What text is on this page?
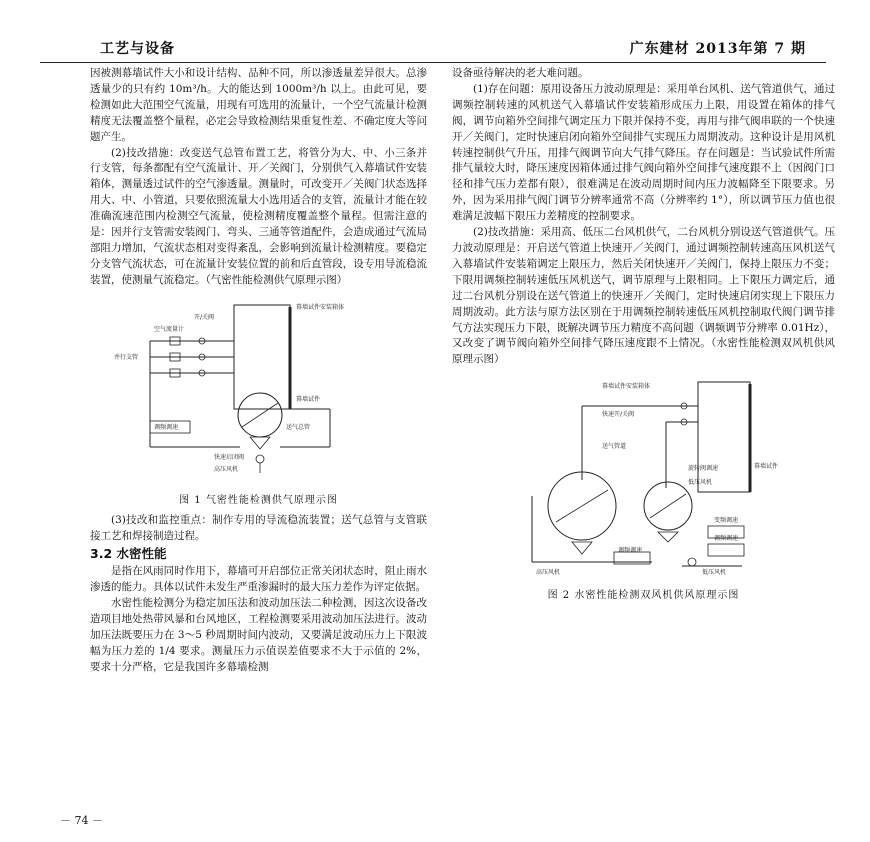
工艺与设备	广东建材 2013年第 7 期

因被测幕墙试件大小和设计结构、品种不同，所以渗透量差异很大。总渗透量少的只有约 10m³/h。大的能达到 1000m³/h 以上。由此可见，要检测如此大范围空气流量，用现有可选用的流量计，一个空气流量计检测精度无法覆盖整个量程，必定会导致检测结果重复性差、不确定度大等问题产生。

(2)技改措施：改变送气总管布置工艺，将管分为大、中、小三条并行支管，每条都配有空气流量计、开／关阀门，分别供气入幕墙试件安装箱体，测量透过试件的空气渗透量。测量时，可改变开／关阀门状态选择用大、中、小管道，只要依照流量大小选用适合的支管，流量计才能在较准确流速范围内检测空气流量，使检测精度覆盖整个量程。但需注意的是：因并行支管需安装阀门、弯头、三通等管道配件，会造成通过气流局部阻力增加，气流状态相对变得紊乱，会影响到流量计检测精度。要稳定分支管气流状态，可在流量计安装位置的前和后直管段，设专用导流稳流装置，使测量气流稳定。（气密性能检测供气原理示图）

开/关阀
空气流量计
并行支管
幕墙试件安装箱体
幕墙试件
送气总管
调频调速
快速启闭阀
高压风机

图 1 气密性能检测供气原理示图

(3)技改和监控重点：制作专用的导流稳流装置；送气总管与支管联接工艺和焊接制造过程。

3.2 水密性能

是指在风雨同时作用下，幕墙可开启部位正常关闭状态时，阻止雨水渗透的能力。具体以试件未发生严重渗漏时的最大压力差作为评定依据。

水密性能检测分为稳定加压法和波动加压法二种检测，因这次设备改造项目地处热带风暴和台风地区，工程检测要采用波动加压法进行。波动加压法既要压力在 3～5 秒周期时间内波动，又要满足波动压力上下限波幅为压力差的 1/4 要求。测量压力示值误差值要求不大于示值的 2%，要求十分严格，它是我国许多幕墙检测

设备亟待解决的老大难问题。

(1)存在问题：原用设备压力波动原理是：采用单台风机、送气管道供气，通过调频控制转速的风机送气入幕墙试件安装箱形成压力上限，用设置在箱体的排气阀，调节向箱外空间排气调定压力下限并保持不变，再用与排气阀串联的一个快速开／关阀门，定时快速启闭向箱外空间排气实现压力周期波动。这种设计是用风机转速控制供气升压，用排气阀调节向大气排气降压。存在问题是：当试验试件所需排气量较大时，降压速度因箱体通过排气阀向箱外空间排气速度跟不上（因阀门口径和排气压力差都有限），很难满足在波动周期时间内压力波幅降至下限要求。另外，因为采用排气阀门调节分辨率通常不高（分辨率约 1°），所以调节压力值也很难满足波幅下限压力差精度的控制要求。

(2)技改措施：采用高、低压二台风机供气，二台风机分别设送气管道供气。压力波动原理是：开启送气管道上快速开／关阀门，通过调频控制转速高压风机送气入幕墙试件安装箱调定上限压力，然后关闭快速开／关阀门，保持上限压力不变；下限用调频控制转速低压风机送气，调节原理与上限相同。上下限压力调定后，通过二台风机分别设在送气管道上的快速开／关阀门，定时快速启闭实现上下限压力周期波动。此方法与原方法区别在于用调频控制转速低压风机控制取代阀门调节排气方法实现压力下限，既解决调节压力精度不高问题（调频调节分辨率 0.01Hz），又改变了调节阀向箱外空间排气降压速度跟不上情况。（水密性能检测双风机供风原理示图）

幕墙试件安装箱体
快速开/关阀
送气管道
幕墙试件
旋转阀调速
低压风机
变频调速
调频调速
调频调速
高压风机	低压风机

图 2 水密性能检测双风机供风原理示图

－ 74 －
